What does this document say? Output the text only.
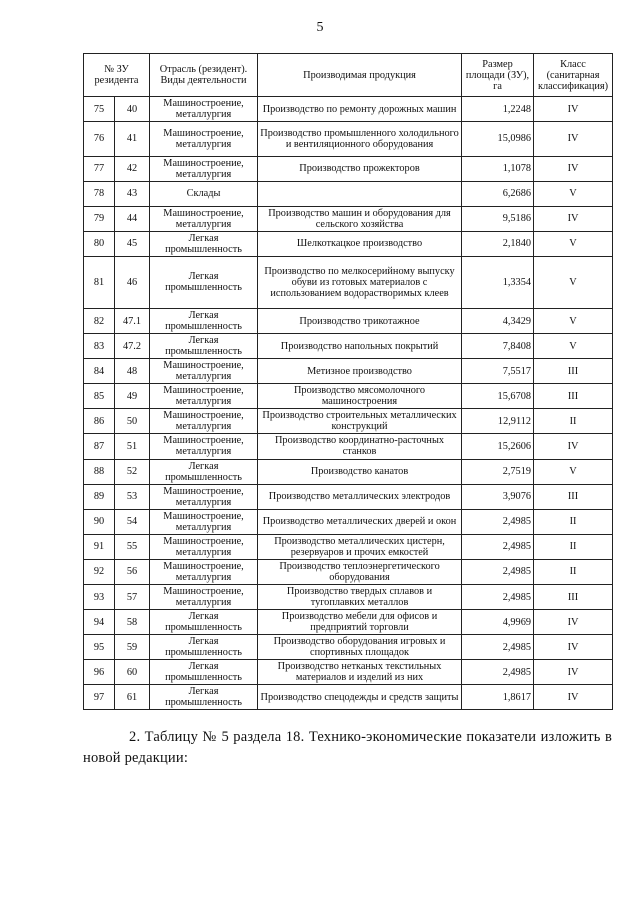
5
№ ЗУ резидента		Отрасль (резидент). Виды деятельности	Производимая продукция	Размер площади (ЗУ), га	Класс (санитарная классификация)
75	40	Машиностроение, металлургия	Производство по ремонту дорожных машин	1,2248	IV
76	41	Машиностроение, металлургия	Производство промышленного холодильного и вентиляционного оборудования	15,0986	IV
77	42	Машиностроение, металлургия	Производство прожекторов	1,1078	IV
78	43	Склады		6,2686	V
79	44	Машиностроение, металлургия	Производство машин и оборудования для сельского хозяйства	9,5186	IV
80	45	Легкая промышленность	Шелкоткацкое производство	2,1840	V
81	46	Легкая промышленность	Производство по мелкосерийному выпуску обуви из готовых материалов с использованием водорастворимых клеев	1,3354	V
82	47.1	Легкая промышленность	Производство трикотажное	4,3429	V
83	47.2	Легкая промышленность	Производство напольных покрытий	7,8408	V
84	48	Машиностроение, металлургия	Метизное производство	7,5517	III
85	49	Машиностроение, металлургия	Производство мясомолочного машиностроения	15,6708	III
86	50	Машиностроение, металлургия	Производство строительных металлических конструкций	12,9112	II
87	51	Машиностроение, металлургия	Производство координатно-расточных станков	15,2606	IV
88	52	Легкая промышленность	Производство канатов	2,7519	V
89	53	Машиностроение, металлургия	Производство металлических электродов	3,9076	III
90	54	Машиностроение, металлургия	Производство металлических дверей и окон	2,4985	II
91	55	Машиностроение, металлургия	Производство металлических цистерн, резервуаров и прочих емкостей	2,4985	II
92	56	Машиностроение, металлургия	Производство теплоэнергетического оборудования	2,4985	II
93	57	Машиностроение, металлургия	Производство твердых сплавов и тугоплавких металлов	2,4985	III
94	58	Легкая промышленность	Производство мебели для офисов и предприятий торговли	4,9969	IV
95	59	Легкая промышленность	Производство оборудования игровых и спортивных площадок	2,4985	IV
96	60	Легкая промышленность	Производство нетканых текстильных материалов и изделий из них	2,4985	IV
97	61	Легкая промышленность	Производство спецодежды и средств защиты	1,8617	IV
2. Таблицу № 5 раздела 18. Технико-экономические показатели изложить в новой редакции:
